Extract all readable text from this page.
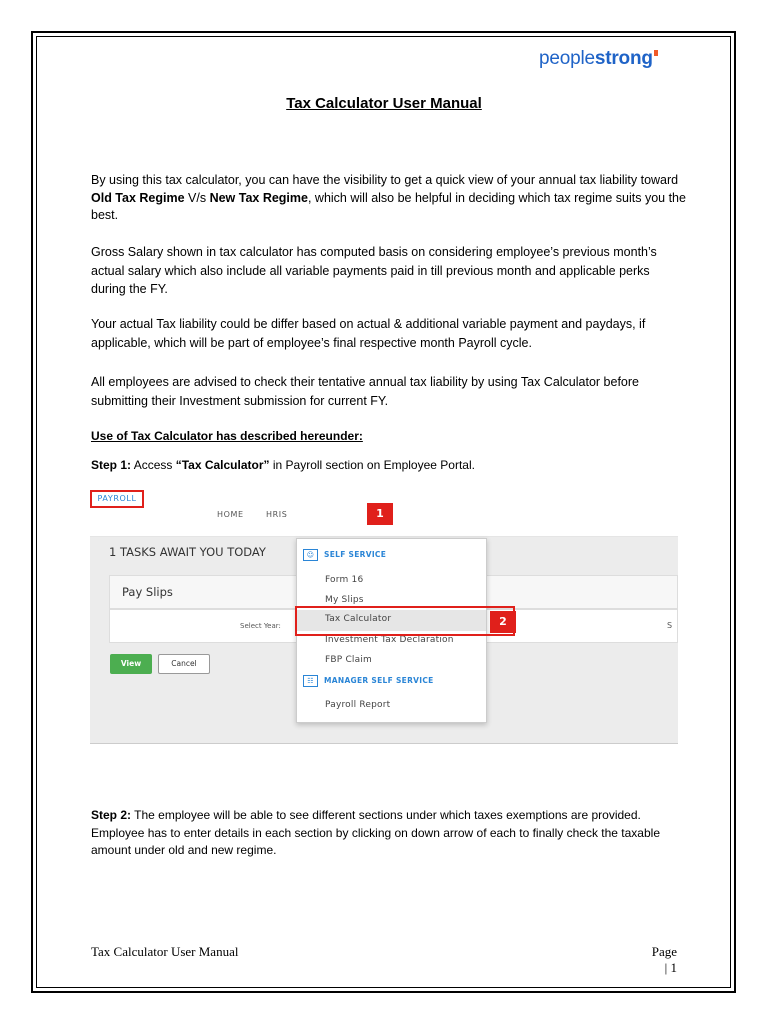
peoplestrong
Tax Calculator User Manual
By using this tax calculator, you can have the visibility to get a quick view of your annual tax liability toward Old Tax Regime V/s New Tax Regime, which will also be helpful in deciding which tax regime suits you the best.
Gross Salary shown in tax calculator has computed basis on considering employee’s previous month’s actual salary which also include all variable payments paid in till previous month and applicable perks during the FY.
Your actual Tax liability could be differ based on actual & additional variable payment and paydays, if applicable, which will be part of employee’s final respective month Payroll cycle.
All employees are advised to check their tentative annual tax liability by using Tax Calculator before submitting their Investment submission for current FY.
Use of Tax Calculator has described hereunder:
Step 1: Access “Tax Calculator” in Payroll section on Employee Portal.
HOME	HRIS
PAYROLL
1
1 TASKS AWAIT YOU TODAY
Pay Slips
Select Year:	S
View	Cancel
☺ SELF SERVICE
Form 16
My Slips
Tax Calculator
Investment Tax Declaration
FBP Claim
☷ MANAGER SELF SERVICE
Payroll Report
2
Step 2: The employee will be able to see different sections under which taxes exemptions are provided. Employee has to enter details in each section by clicking on down arrow of each to finally check the taxable amount under old and new regime.
Tax Calculator User Manual	Page
| 1
